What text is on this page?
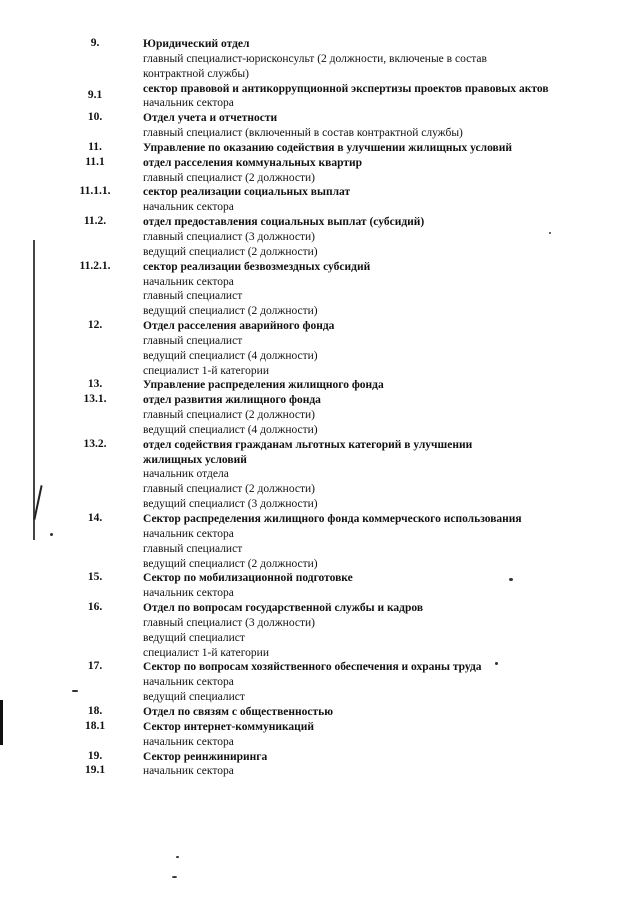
9.	Юридический отдел
главный специалист-юрисконсульт (2 должности, включеные в состав
контрактной службы)
9.1	сектор правовой и антикоррупционной экспертизы проектов правовых актов
начальник сектора
10.	Отдел учета и отчетности
главный специалист (включенный в состав контрактной службы)
11.	Управление по оказанию содействия в улучшении жилищных условий
11.1	отдел расселения коммунальных квартир
главный специалист (2 должности)
11.1.1.	сектор реализации социальных выплат
начальник сектора
11.2.	отдел предоставления социальных выплат (субсидий)
главный специалист (3 должности)
ведущий специалист (2 должности)
11.2.1.	сектор реализации безвозмездных субсидий
начальник сектора
главный специалист
ведущий специалист (2 должности)
12.	Отдел расселения аварийного фонда
главный специалист
ведущий специалист (4 должности)
специалист 1-й категории
13.	Управление распределения жилищного фонда
13.1.	отдел развития жилищного фонда
главный специалист (2 должности)
ведущий специалист (4 должности)
13.2.	отдел содействия гражданам льготных категорий в улучшении жилищных условий
начальник отдела
главный специалист (2 должности)
ведущий специалист (3 должности)
14.	Сектор распределения жилищного фонда коммерческого использования
начальник сектора
главный специалист
ведущий специалист (2 должности)
15.	Сектор по мобилизационной подготовке
начальник сектора
16.	Отдел по вопросам государственной службы и кадров
главный специалист (3 должности)
ведущий специалист
специалист 1-й категории
17.	Сектор по вопросам хозяйственного обеспечения и охраны труда
начальник сектора
ведущий специалист
18.	Отдел по связям с общественностью
18.1	Сектор интернет-коммуникаций
начальник сектора
19.	Сектор реинжиниринга
19.1	начальник сектора
